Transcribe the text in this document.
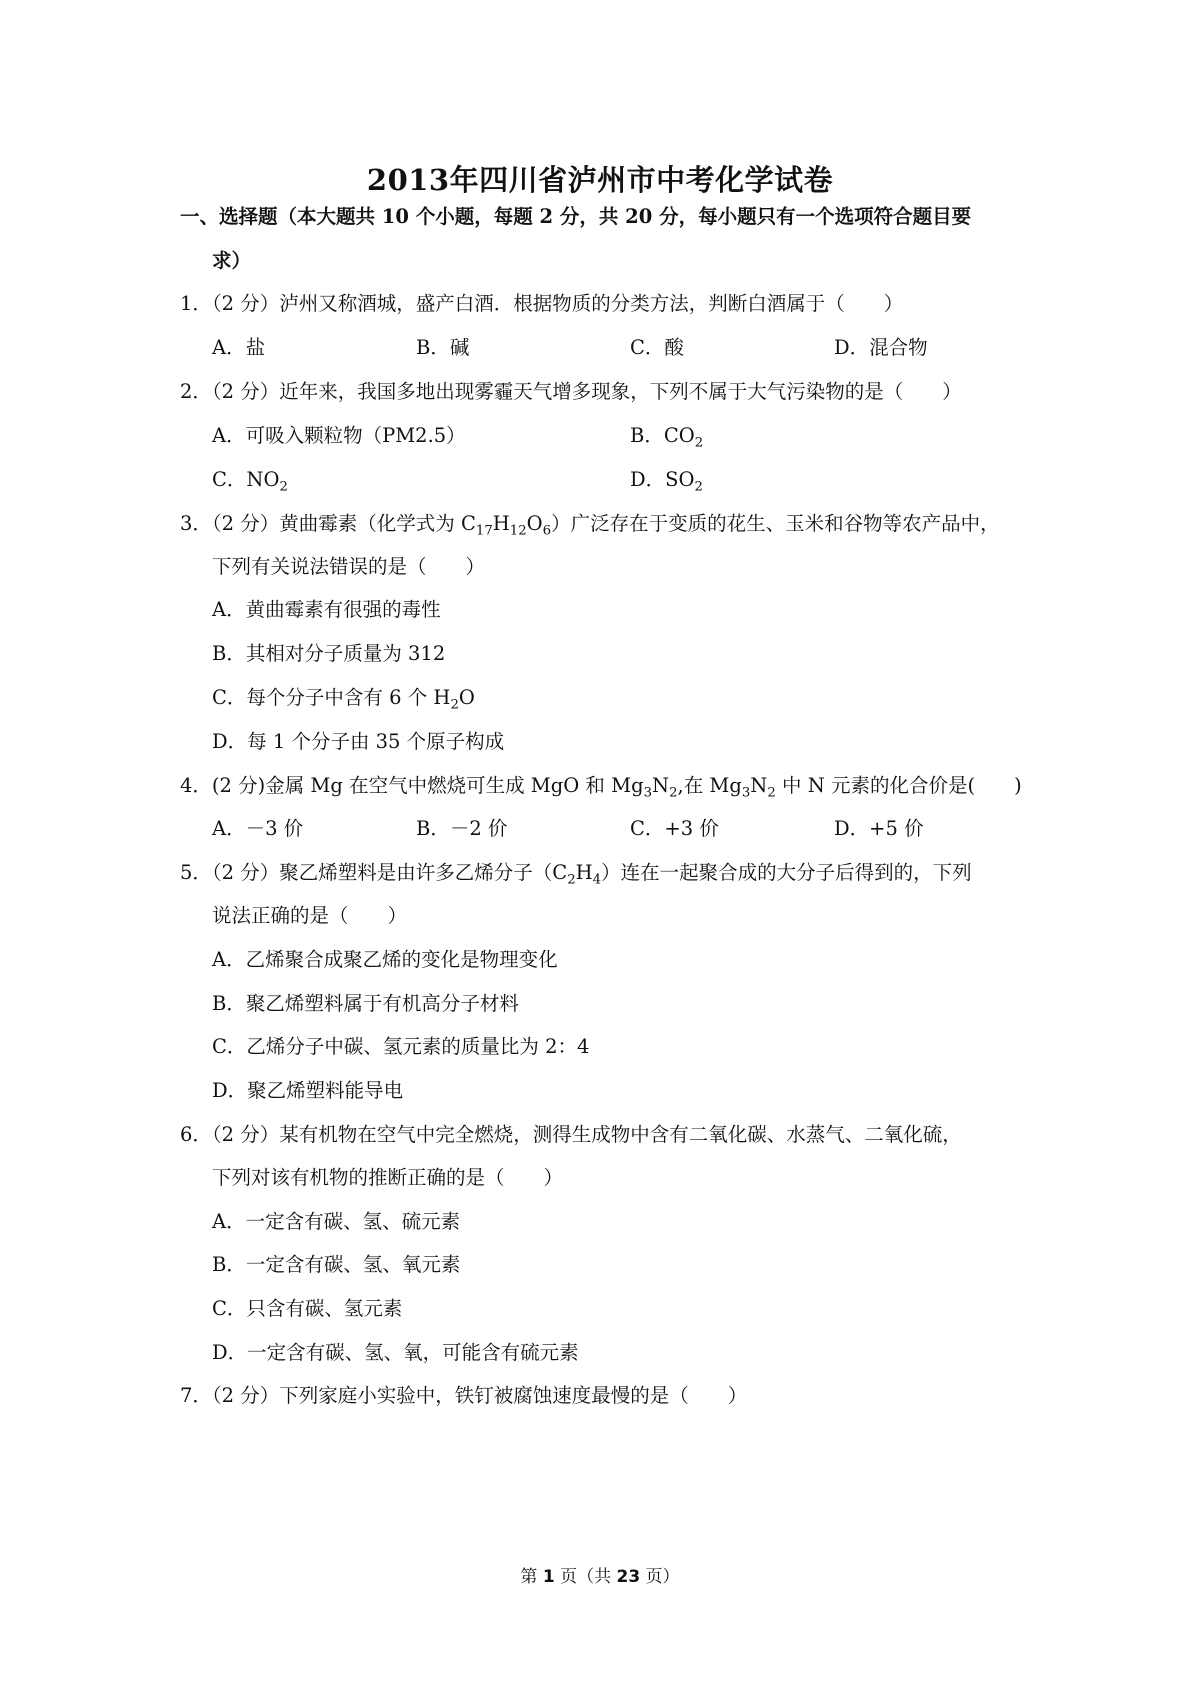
2013年四川省泸州市中考化学试卷
一、选择题（本大题共 10 个小题，每题 2 分，共 20 分，每小题只有一个选项符合题目要
求）
1．（2 分）泸州又称酒城，盛产白酒．根据物质的分类方法，判断白酒属于（　　）
A．盐	B．碱	C．酸	D．混合物
2．（2 分）近年来，我国多地出现雾霾天气增多现象，下列不属于大气污染物的是（　　）
A．可吸入颗粒物（PM2.5）	B．$CO_2$
C．$NO_2$	D．$SO_2$
3．（2 分）黄曲霉素（化学式为 $C_{17}H_{12}O_6$）广泛存在于变质的花生、玉米和谷物等农产品中，
下列有关说法错误的是（　　）
A．黄曲霉素有很强的毒性
B．其相对分子质量为 312
C．每个分子中含有 6 个 $H_2O$
D．每 1 个分子由 35 个原子构成
4．(2 分)金属 Mg 在空气中燃烧可生成 MgO 和 $Mg_3N_2$,在 $Mg_3N_2$ 中 N 元素的化合价是(　　)
A．－3 价	B．－2 价	C．+3 价	D．+5 价
5．（2 分）聚乙烯塑料是由许多乙烯分子$(C_2H_4)$连在一起聚合成的大分子后得到的，下列
说法正确的是（　　）
A．乙烯聚合成聚乙烯的变化是物理变化
B．聚乙烯塑料属于有机高分子材料
C．乙烯分子中碳、氢元素的质量比为 2：4
D．聚乙烯塑料能导电
6．（2 分）某有机物在空气中完全燃烧，测得生成物中含有二氧化碳、水蒸气、二氧化硫，
下列对该有机物的推断正确的是（　　）
A．一定含有碳、氢、硫元素
B．一定含有碳、氢、氧元素
C．只含有碳、氢元素
D．一定含有碳、氢、氧，可能含有硫元素
7．（2 分）下列家庭小实验中，铁钉被腐蚀速度最慢的是（　　）
第 1 页（共 23 页）
